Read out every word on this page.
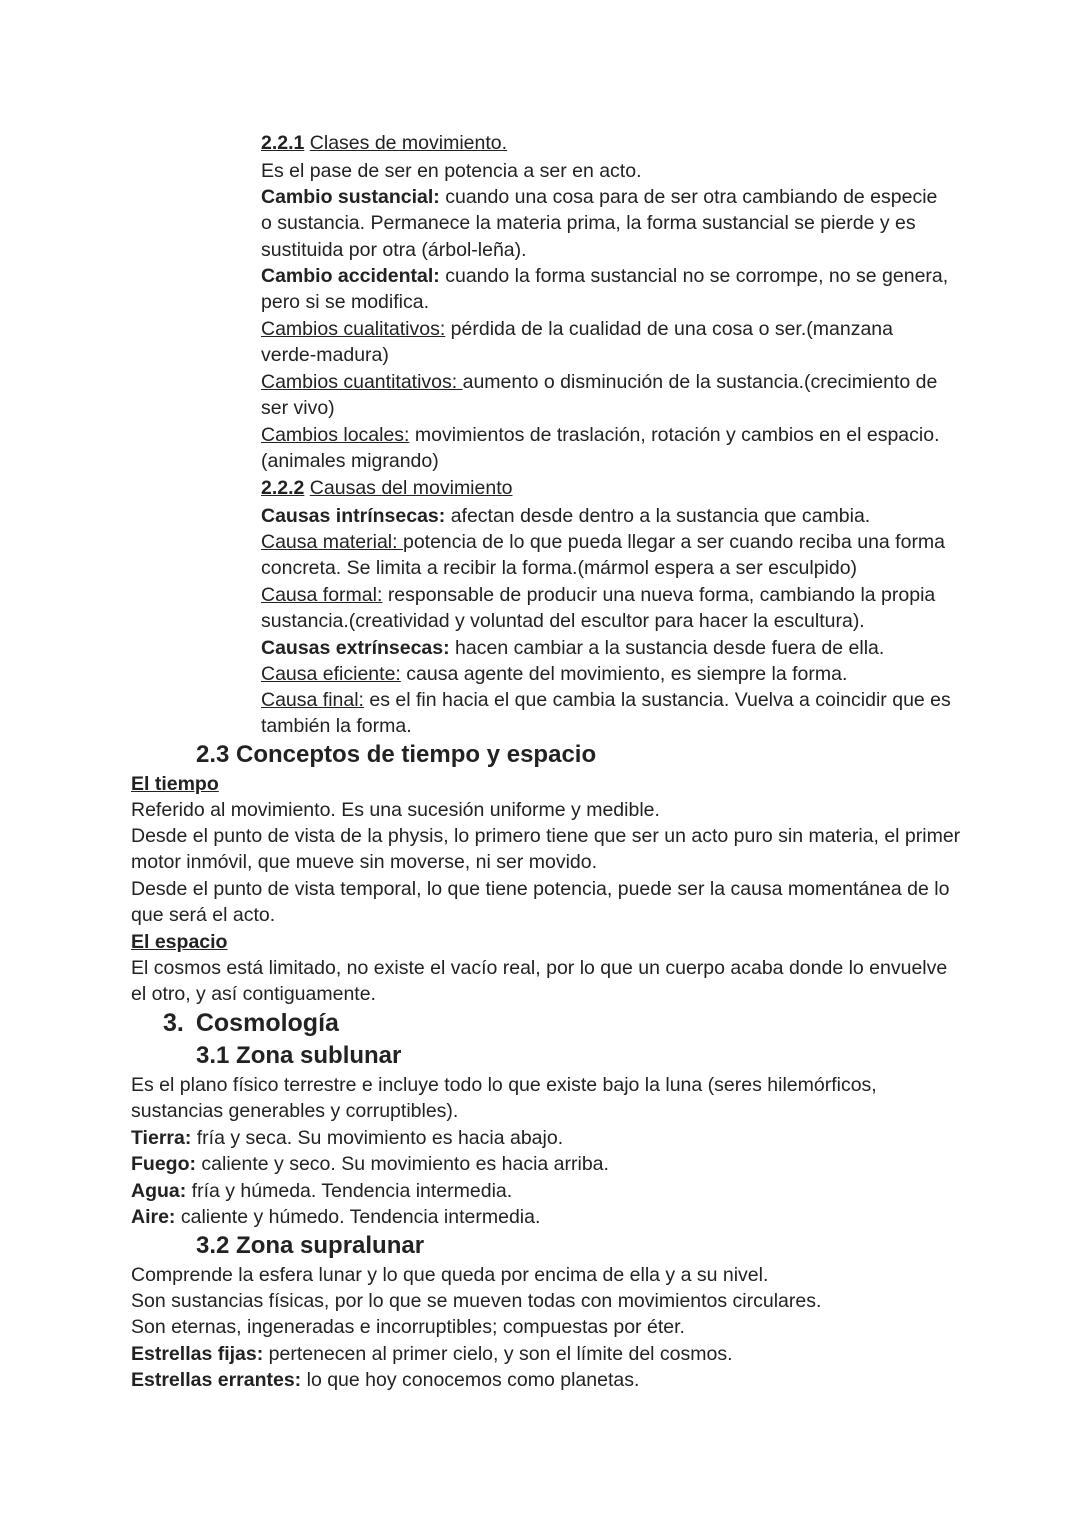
2.2.1 Clases de movimiento.

Es el pase de ser en potencia a ser en acto.

Cambio sustancial: cuando una cosa para de ser otra cambiando de especie o sustancia. Permanece la materia prima, la forma sustancial se pierde y es sustituida por otra (árbol-leña).

Cambio accidental: cuando la forma sustancial no se corrompe, no se genera, pero si se modifica.

Cambios cualitativos: pérdida de la cualidad de una cosa o ser.(manzana verde-madura)

Cambios cuantitativos: aumento o disminución de la sustancia.(crecimiento de ser vivo)

Cambios locales: movimientos de traslación, rotación y cambios en el espacio.(animales migrando)

2.2.2 Causas del movimiento

Causas intrínsecas: afectan desde dentro a la sustancia que cambia.

Causa material: potencia de lo que pueda llegar a ser cuando reciba una forma concreta. Se limita a recibir la forma.(mármol espera a ser esculpido)

Causa formal: responsable de producir una nueva forma, cambiando la propia sustancia.(creatividad y voluntad del escultor para hacer la escultura).

Causas extrínsecas: hacen cambiar a la sustancia desde fuera de ella.

Causa eficiente: causa agente del movimiento, es siempre la forma.

Causa final: es el fin hacia el que cambia la sustancia. Vuelva a coincidir que es también la forma.

2.3 Conceptos de tiempo y espacio

El tiempo

Referido al movimiento. Es una sucesión uniforme y medible.

Desde el punto de vista de la physis, lo primero tiene que ser un acto puro sin materia, el primer motor inmóvil, que mueve sin moverse, ni ser movido.

Desde el punto de vista temporal, lo que tiene potencia, puede ser la causa momentánea de lo que será el acto.

El espacio

El cosmos está limitado, no existe el vacío real, por lo que un cuerpo acaba donde lo envuelve el otro, y así contiguamente.

3. Cosmología

3.1 Zona sublunar

Es el plano físico terrestre e incluye todo lo que existe bajo la luna (seres hilemórficos, sustancias generables y corruptibles).

Tierra: fría y seca. Su movimiento es hacia abajo.

Fuego: caliente y seco. Su movimiento es hacia arriba.

Agua: fría y húmeda. Tendencia intermedia.

Aire: caliente y húmedo. Tendencia intermedia.

3.2 Zona supralunar

Comprende la esfera lunar y lo que queda por encima de ella y a su nivel.

Son sustancias físicas, por lo que se mueven todas con movimientos circulares.

Son eternas, ingeneradas e incorruptibles; compuestas por éter.

Estrellas fijas: pertenecen al primer cielo, y son el límite del cosmos.

Estrellas errantes: lo que hoy conocemos como planetas.
